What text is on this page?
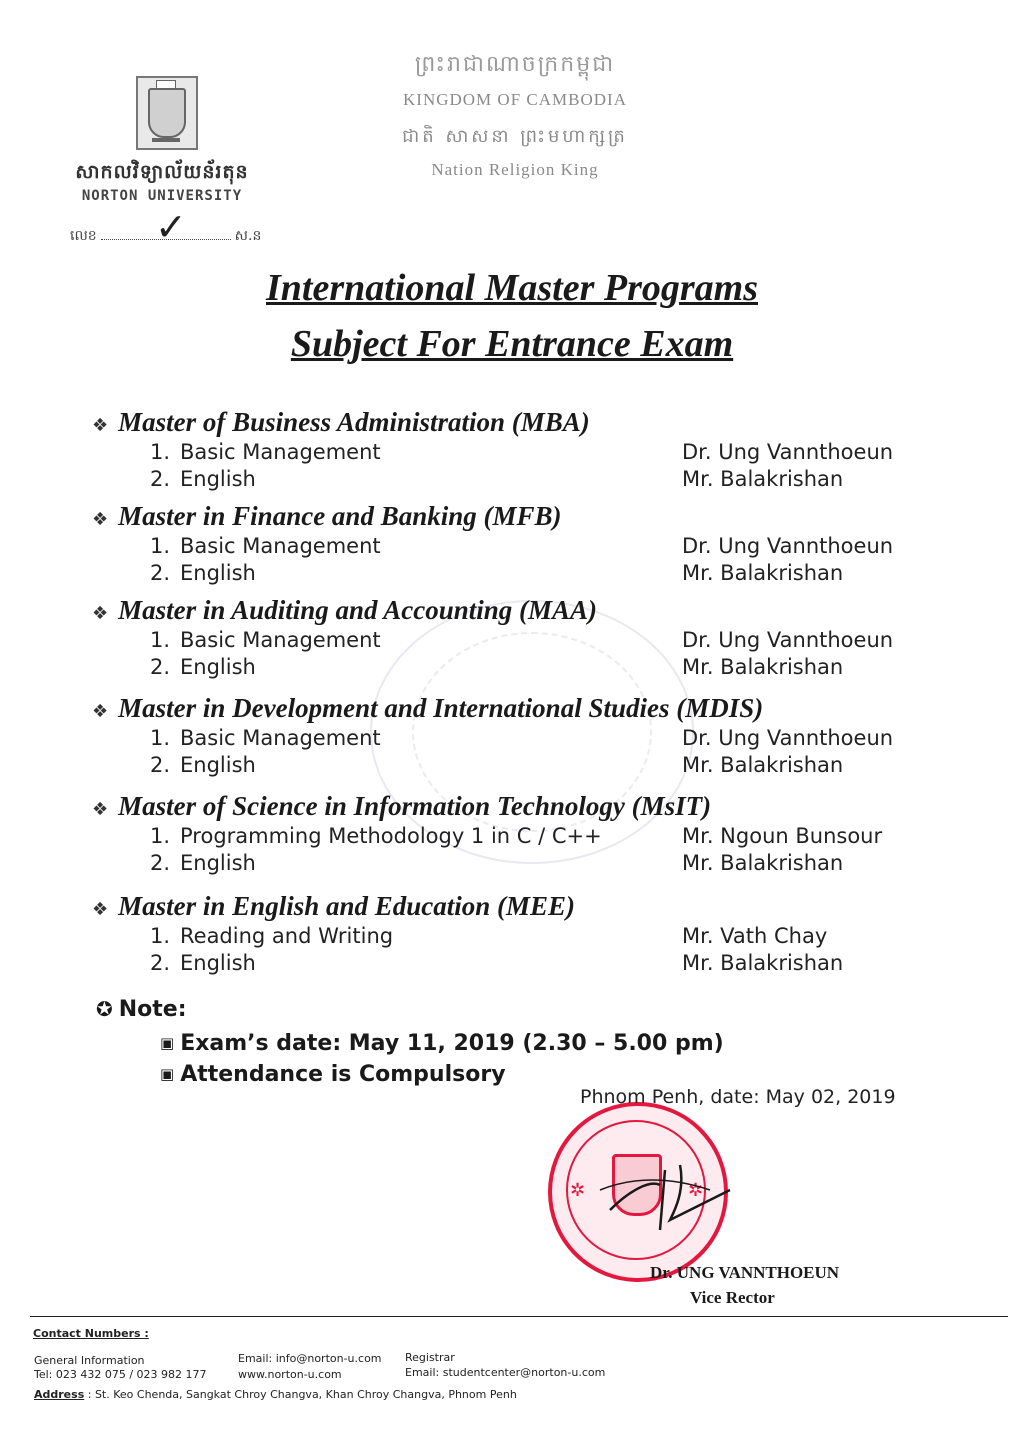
សាកលវិទ្យាល័យន័រតុន
NORTON UNIVERSITY
លេខ	ស.ន
✓
ព្រះរាជាណាចក្រកម្ពុជា
KINGDOM OF CAMBODIA
ជាតិ សាសនា ព្រះមហាក្សត្រ
Nation Religion King
International Master Programs
Subject For Entrance Exam
❖ Master of Business Administration (MBA)
1. Basic Management	Dr. Ung Vannthoeun
2. English	Mr. Balakrishan
❖ Master in Finance and Banking (MFB)
1. Basic Management	Dr. Ung Vannthoeun
2. English	Mr. Balakrishan
❖ Master in Auditing and Accounting (MAA)
1. Basic Management	Dr. Ung Vannthoeun
2. English	Mr. Balakrishan
❖ Master in Development and International Studies (MDIS)
1. Basic Management	Dr. Ung Vannthoeun
2. English	Mr. Balakrishan
❖ Master of Science in Information Technology (MsIT)
1. Programming Methodology 1 in C / C++	Mr. Ngoun Bunsour
2. English	Mr. Balakrishan
❖ Master in English and Education (MEE)
1. Reading and Writing	Mr. Vath Chay
2. English	Mr. Balakrishan
✪ Note:
▣ Exam’s date: May 11, 2019 (2.30 – 5.00 pm)
▣ Attendance is Compulsory
✲	✲
Phnom Penh, date: May 02, 2019
Dr. UNG VANNTHOEUN
Vice Rector
Contact Numbers :
General Information
Tel: 023 432 075 / 023 982 177
Email: info@norton-u.com
www.norton-u.com
Registrar
Email: studentcenter@norton-u.com
Address : St. Keo Chenda, Sangkat Chroy Changva, Khan Chroy Changva, Phnom Penh
